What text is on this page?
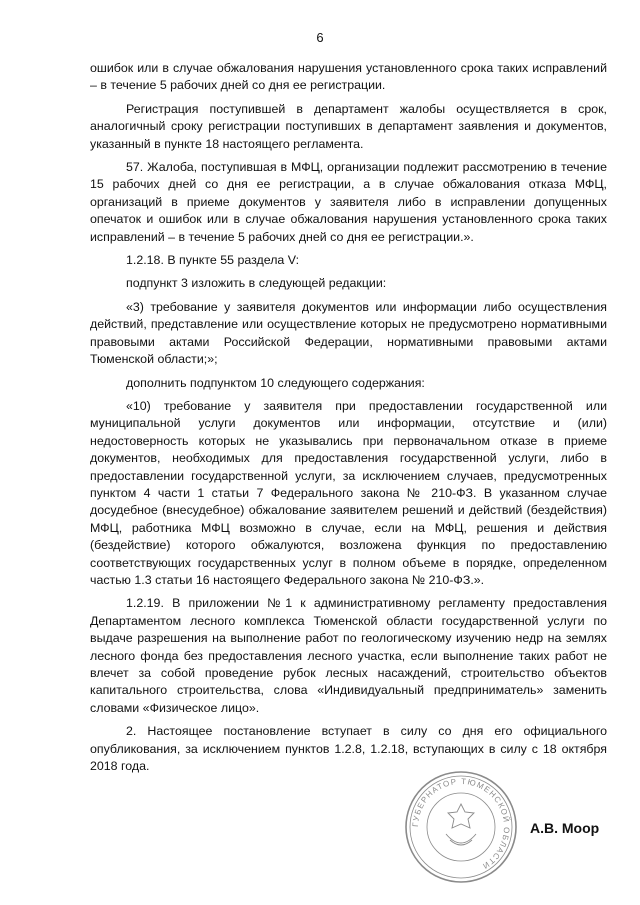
6

ошибок или в случае обжалования нарушения установленного срока таких исправлений – в течение 5 рабочих дней со дня ее регистрации.

Регистрация поступившей в департамент жалобы осуществляется в срок, аналогичный сроку регистрации поступивших в департамент заявления и документов, указанный в пункте 18 настоящего регламента.

57. Жалоба, поступившая в МФЦ, организации подлежит рассмотрению в течение 15 рабочих дней со дня ее регистрации, а в случае обжалования отказа МФЦ, организаций в приеме документов у заявителя либо в исправлении допущенных опечаток и ошибок или в случае обжалования нарушения установленного срока таких исправлений – в течение 5 рабочих дней со дня ее регистрации.».

1.2.18. В пункте 55 раздела V:

подпункт 3 изложить в следующей редакции:

«3) требование у заявителя документов или информации либо осуществления действий, представление или осуществление которых не предусмотрено нормативными правовыми актами Российской Федерации, нормативными правовыми актами Тюменской области;»;

дополнить подпунктом 10 следующего содержания:

«10) требование у заявителя при предоставлении государственной или муниципальной услуги документов или информации, отсутствие и (или) недостоверность которых не указывались при первоначальном отказе в приеме документов, необходимых для предоставления государственной услуги, либо в предоставлении государственной услуги, за исключением случаев, предусмотренных пунктом 4 части 1 статьи 7 Федерального закона № 210-ФЗ. В указанном случае досудебное (внесудебное) обжалование заявителем решений и действий (бездействия) МФЦ, работника МФЦ возможно в случае, если на МФЦ, решения и действия (бездействие) которого обжалуются, возложена функция по предоставлению соответствующих государственных услуг в полном объеме в порядке, определенном частью 1.3 статьи 16 настоящего Федерального закона № 210-ФЗ.».

1.2.19. В приложении №1 к административному регламенту предоставления Департаментом лесного комплекса Тюменской области государственной услуги по выдаче разрешения на выполнение работ по геологическому изучению недр на землях лесного фонда без предоставления лесного участка, если выполнение таких работ не влечет за собой проведение рубок лесных насаждений, строительство объектов капитального строительства, слова «Индивидуальный предприниматель» заменить словами «Физическое лицо».

2. Настоящее постановление вступает в силу со дня его официального опубликования, за исключением пунктов 1.2.8, 1.2.18, вступающих в силу с 18 октября 2018 года.

ГУБЕРНАТОР ТЮМЕНСКОЙ ОБЛАСТИ
А.В. Моор
